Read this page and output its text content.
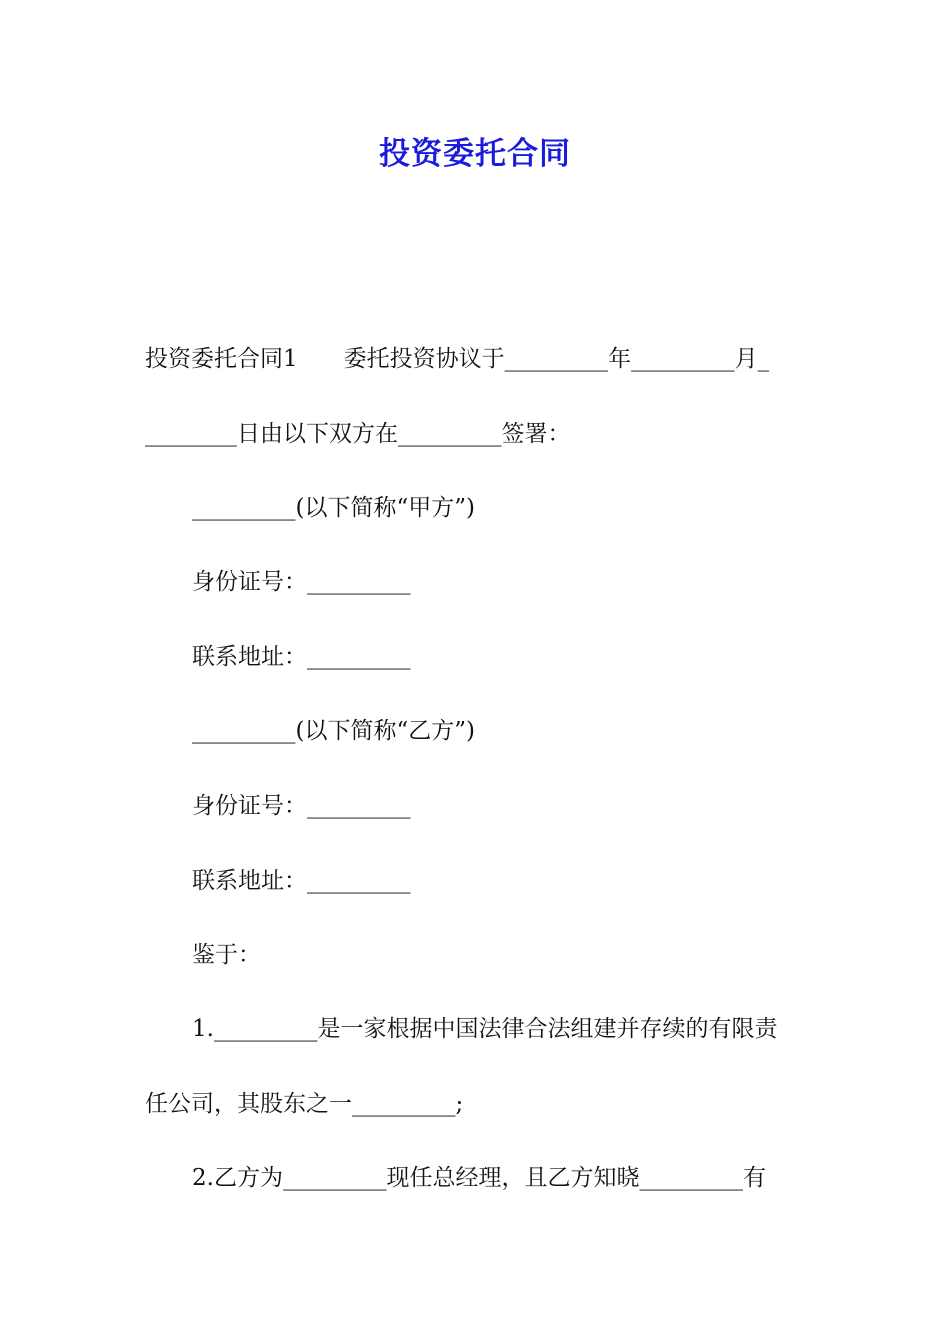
投资委托合同
投资委托合同1　　委托投资协议于_________年_________月_
________日由以下双方在_________签署：
_________(以下简称“甲方”)
身份证号：_________
联系地址：_________
_________(以下简称“乙方”)
身份证号：_________
联系地址：_________
鉴于：
1._________是一家根据中国法律合法组建并存续的有限责
任公司，其股东之一_________;
2.乙方为_________现任总经理，且乙方知晓_________有
